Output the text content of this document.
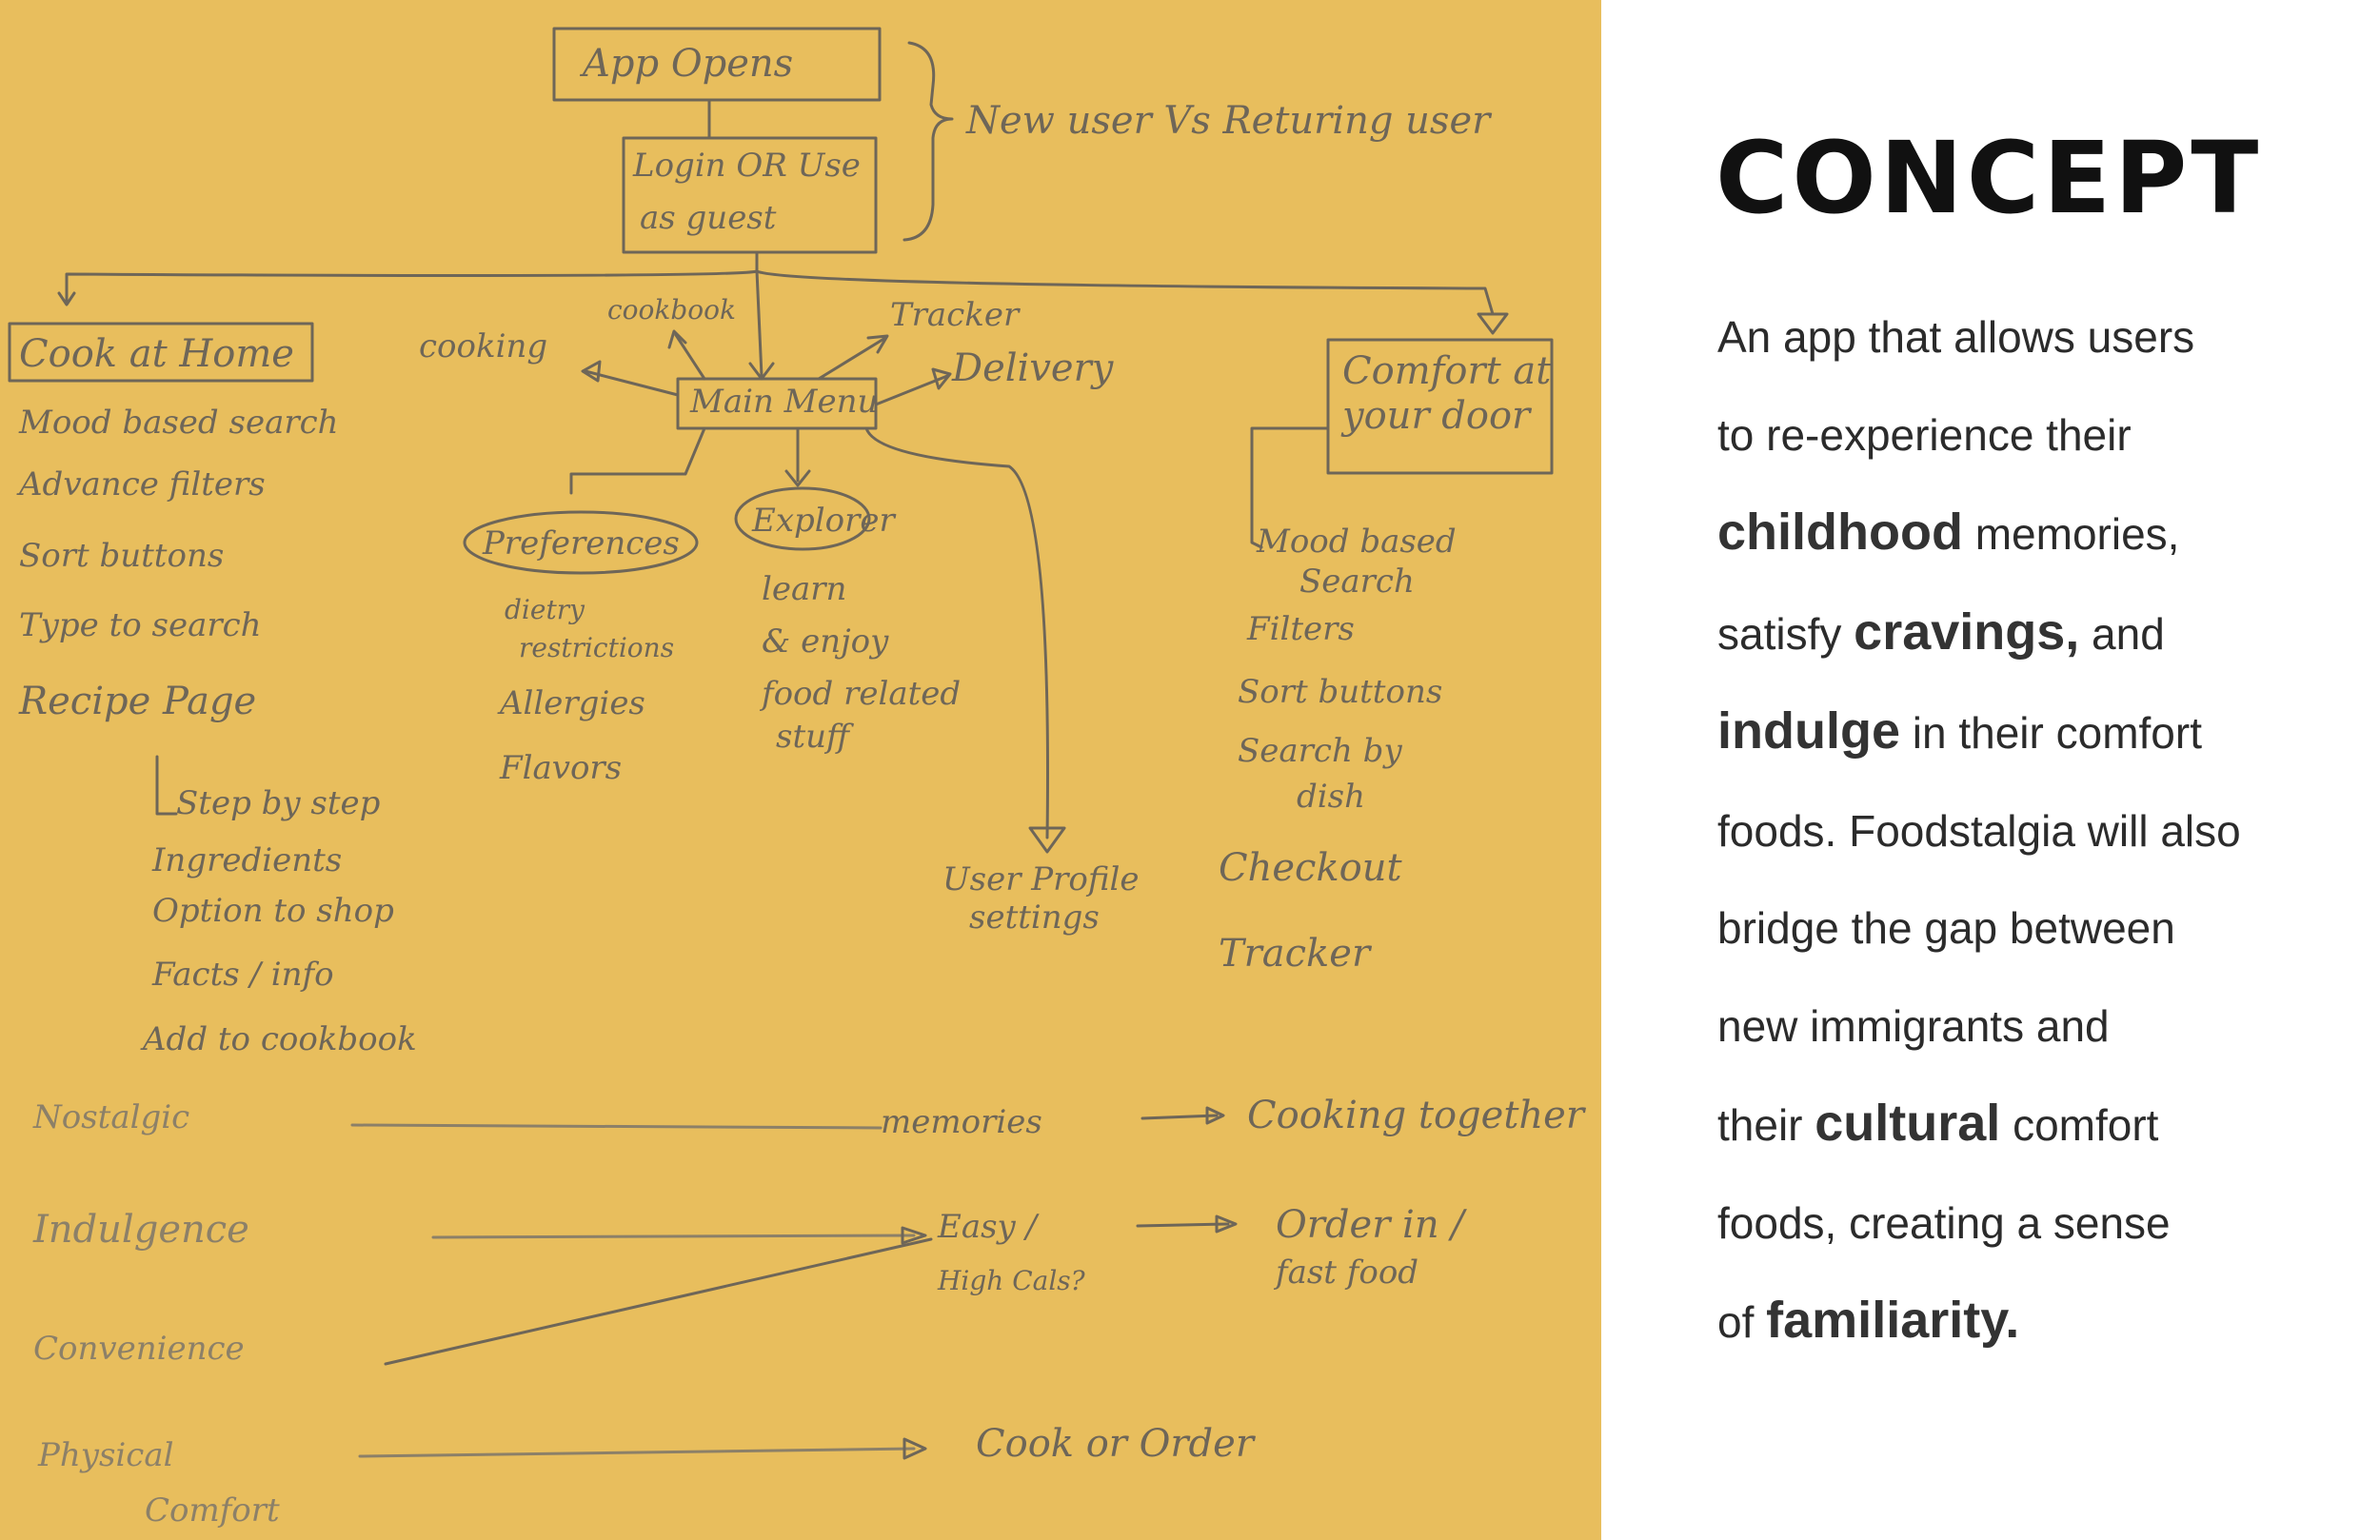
App Opens
Login OR Use
as guest
New user Vs Returing user
Cook at Home
Main Menu
cooking
cookbook	Tracker
Delivery	Comfort at
your door
Mood based search
Advance filters
Sort buttons
Type to search
Recipe Page
Step by step
Ingredients
Option to shop
Facts / info
Add to cookbook
Preferences
dietry
restrictions
Allergies
Flavors
Explorer
learn
& enjoy
food related
stuff
User Profile
settings
Mood based
Search
Filters
Sort buttons
Search by
dish
Checkout
Tracker
Nostalgic	memories	Cooking together
Indulgence	Easy /
High Cals?
Order in /
fast food
Convenience
Physical
Comfort
Cook or Order
CONCEPT

An app that allows users
to re-experience their
childhood memories,
satisfy cravings, and
indulge in their comfort
foods. Foodstalgia will also
bridge the gap between
new immigrants and
their cultural comfort
foods, creating a sense
of familiarity.
